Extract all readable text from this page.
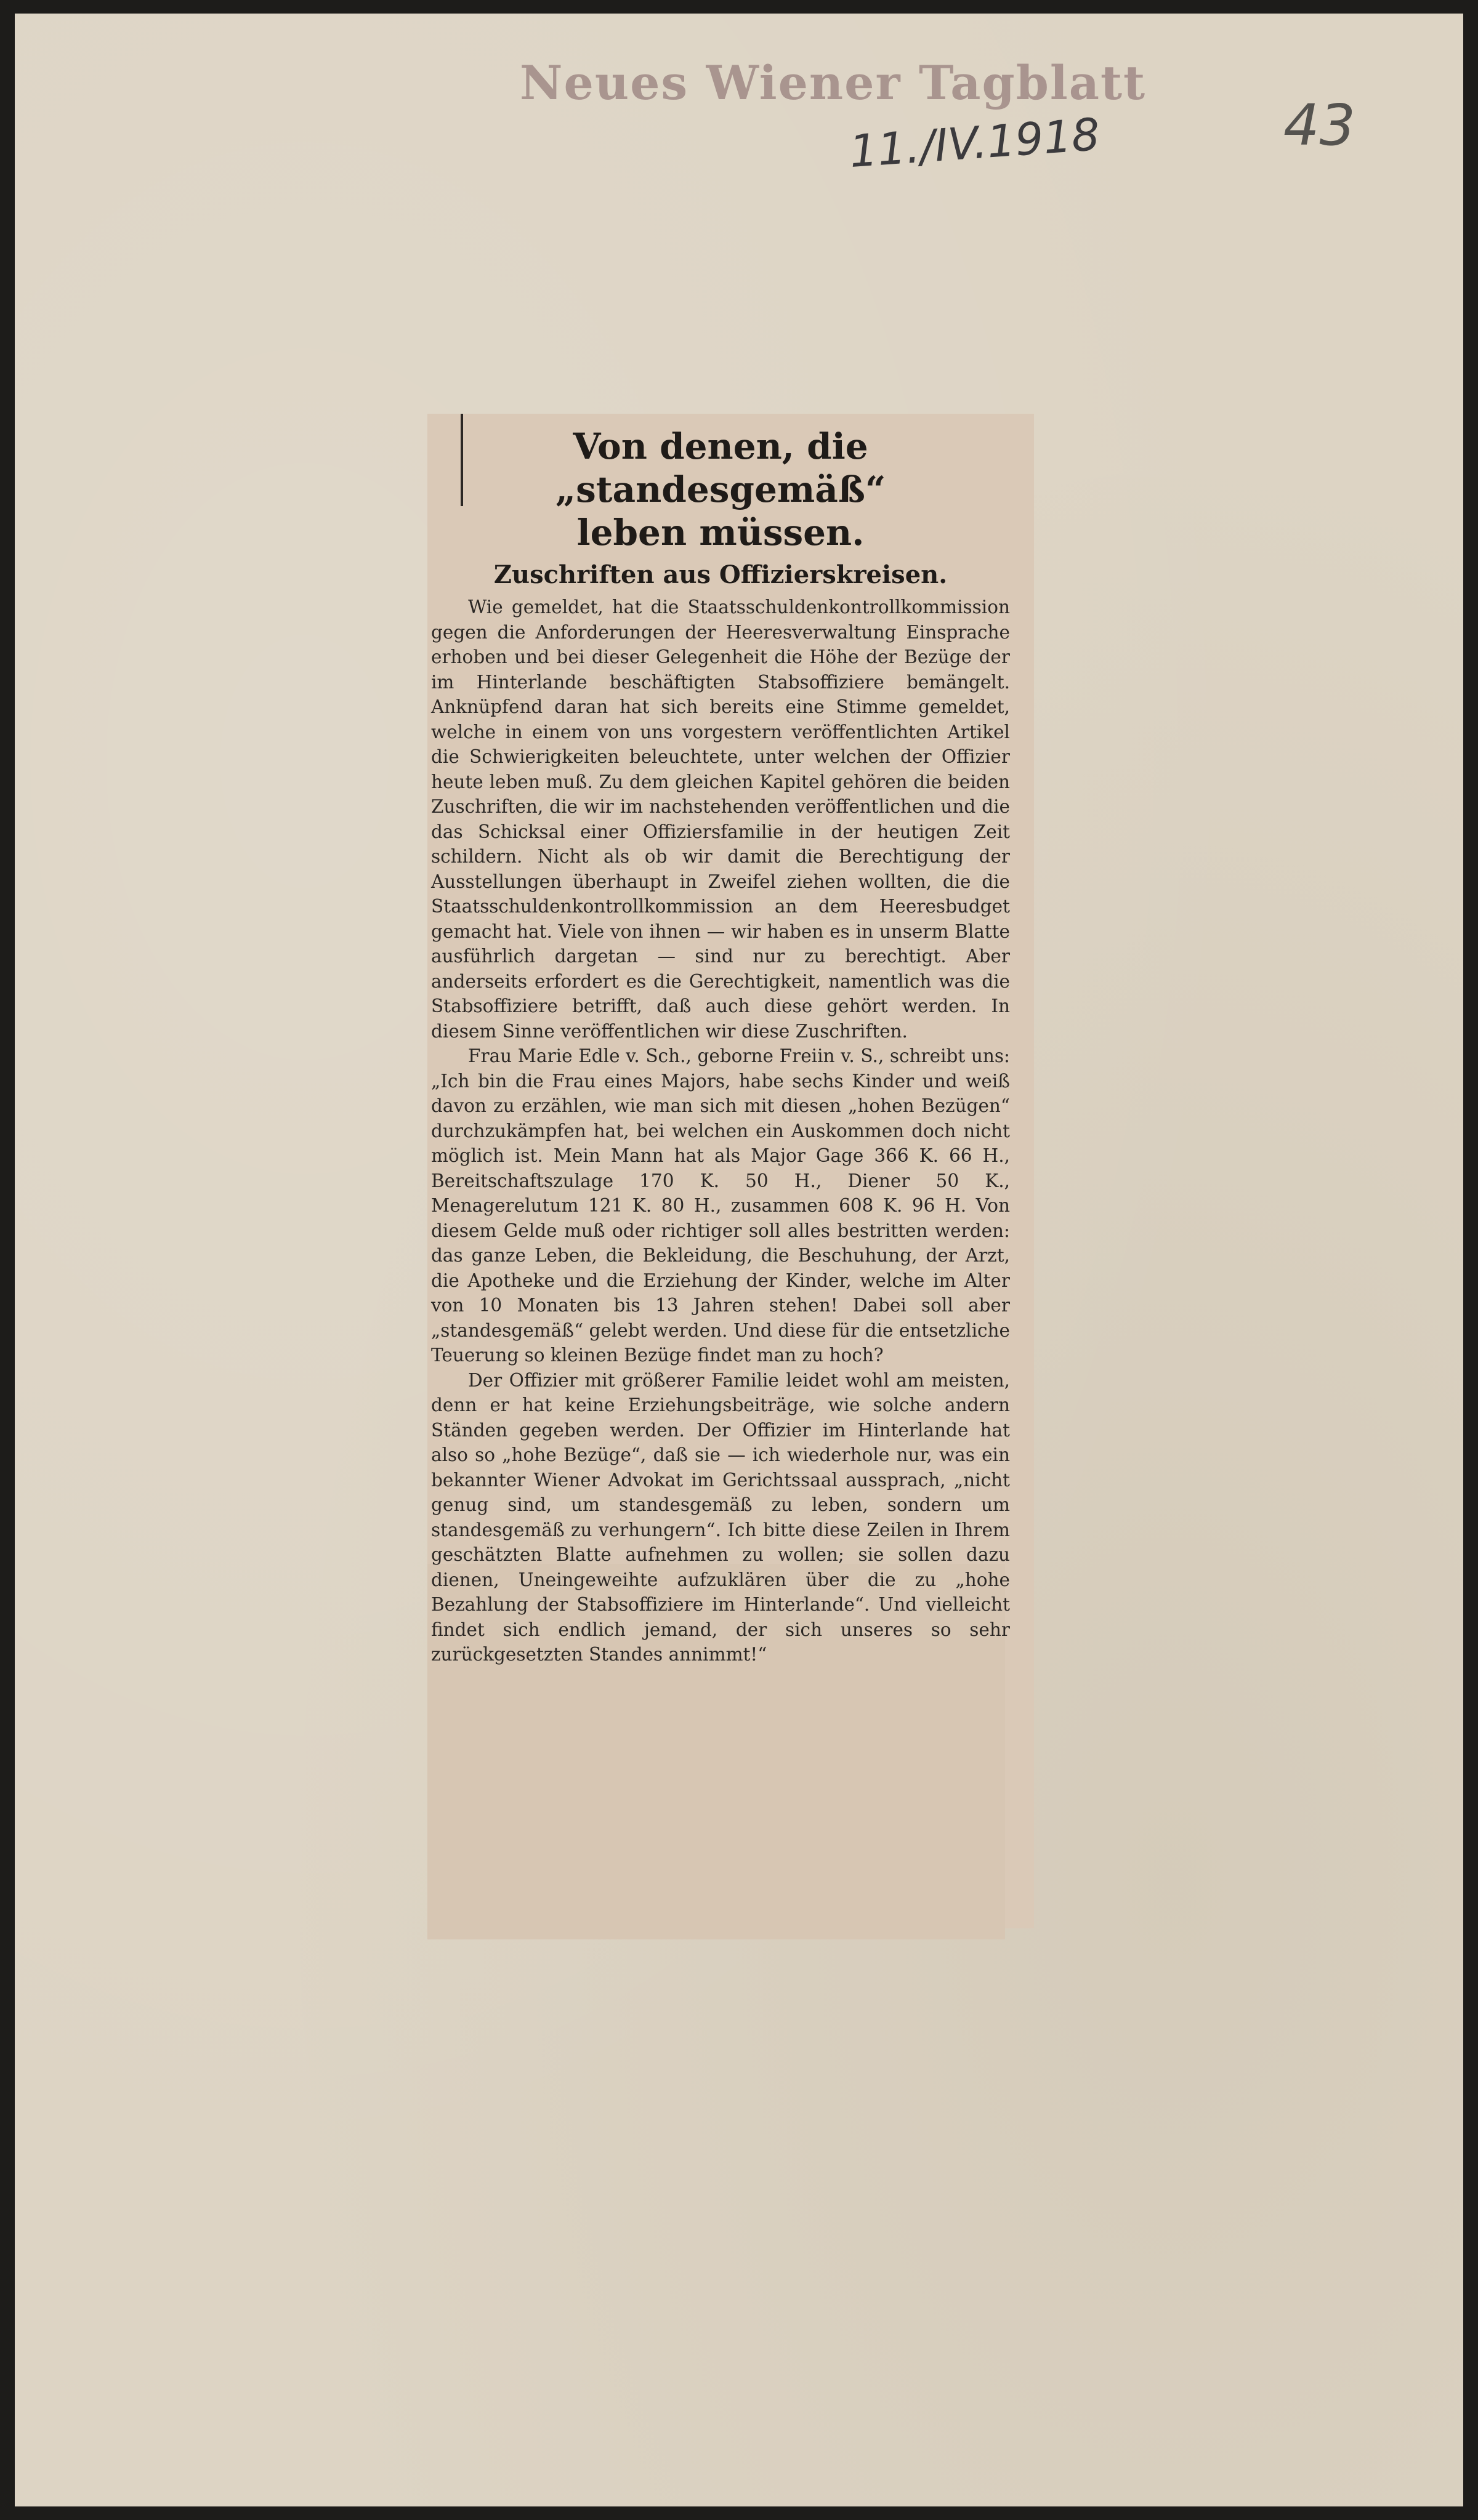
Neues Wiener Tagblatt
11./IV.1918	43
Von denen, die „standesgemäß“
leben müssen.
Zuschriften aus Offizierskreisen.

Wie gemeldet, hat die Staatsschuldenkontrollkommission gegen die Anforderungen der Heeresverwaltung Einsprache erhoben und bei dieser Gelegenheit die Höhe der Bezüge der im Hinterlande beschäftigten Stabsoffiziere bemängelt. Anknüpfend daran hat sich bereits eine Stimme gemeldet, welche in einem von uns vorgestern veröffentlichten Artikel die Schwierigkeiten beleuchtete, unter welchen der Offizier heute leben muß. Zu dem gleichen Kapitel gehören die beiden Zuschriften, die wir im nachstehenden veröffentlichen und die das Schicksal einer Offiziersfamilie in der heutigen Zeit schildern. Nicht als ob wir damit die Berechtigung der Ausstellungen überhaupt in Zweifel ziehen wollten, die die Staatsschuldenkontrollkommission an dem Heeresbudget gemacht hat. Viele von ihnen — wir haben es in unserm Blatte ausführlich dargetan — sind nur zu berechtigt. Aber anderseits erfordert es die Gerechtigkeit, namentlich was die Stabsoffiziere betrifft, daß auch diese gehört werden. In diesem Sinne veröffentlichen wir diese Zuschriften.

Frau Marie Edle v. Sch., geborne Freiin v. S., schreibt uns: „Ich bin die Frau eines Majors, habe sechs Kinder und weiß davon zu erzählen, wie man sich mit diesen „hohen Bezügen“ durchzukämpfen hat, bei welchen ein Auskommen doch nicht möglich ist. Mein Mann hat als Major Gage 366 K. 66 H., Bereitschaftszulage 170 K. 50 H., Diener 50 K., Menagerelutum 121 K. 80 H., zusammen 608 K. 96 H. Von diesem Gelde muß oder richtiger soll alles bestritten werden: das ganze Leben, die Bekleidung, die Beschuhung, der Arzt, die Apotheke und die Erziehung der Kinder, welche im Alter von 10 Monaten bis 13 Jahren stehen! Dabei soll aber „standesgemäß“ gelebt werden. Und diese für die entsetzliche Teuerung so kleinen Bezüge findet man zu hoch?

Der Offizier mit größerer Familie leidet wohl am meisten, denn er hat keine Erziehungsbeiträge, wie solche andern Ständen gegeben werden. Der Offizier im Hinterlande hat also so „hohe Bezüge“, daß sie — ich wiederhole nur, was ein bekannter Wiener Advokat im Gerichtssaal aussprach, „nicht genug sind, um standesgemäß zu leben, sondern um standesgemäß zu verhungern“. Ich bitte diese Zeilen in Ihrem geschätzten Blatte aufnehmen zu wollen; sie sollen dazu dienen, Uneingeweihte aufzuklären über die zu „hohe Bezahlung der Stabsoffiziere im Hinterlande“. Und vielleicht findet sich endlich jemand, der sich unseres so sehr zurückgesetzten Standes annimmt!“
